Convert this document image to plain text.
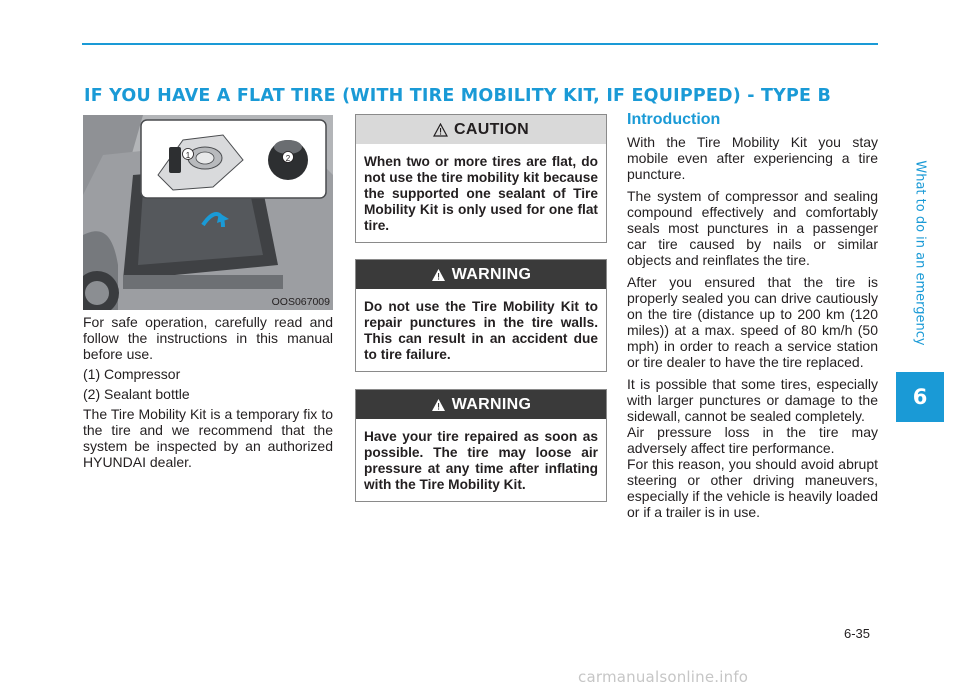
IF YOU HAVE A FLAT TIRE (WITH TIRE MOBILITY KIT, IF EQUIPPED) - TYPE B
What to do in an emergency
6
1	2
OOS067009

For safe operation, carefully read and follow the instructions in this manual before use.

(1) Compressor

(2) Sealant bottle

The Tire Mobility Kit is a temporary fix to the tire and we recommend that the system be inspected by an authorized HYUNDAI dealer.

CAUTION
When two or more tires are flat, do not use the tire mobility kit because the supported one sealant of Tire Mobility Kit is only used for one flat tire.
WARNING
Do not use the Tire Mobility Kit to repair punctures in the tire walls. This can result in an accident due to tire failure.
WARNING
Have your tire repaired as soon as possible. The tire may loose air pressure at any time after inflating with the Tire Mobility Kit.
Introduction

With the Tire Mobility Kit you stay mobile even after experiencing a tire puncture.

The system of compressor and sealing compound effectively and comfortably seals most punctures in a passenger car tire caused by nails or similar objects and reinflates the tire.

After you ensured that the tire is properly sealed you can drive cautiously on the tire (distance up to 200 km (120 miles)) at a max. speed of 80 km/h (50 mph) in order to reach a service station or tire dealer to have the tire replaced.

It is possible that some tires, especially with larger punctures or damage to the sidewall, cannot be sealed completely.

Air pressure loss in the tire may adversely affect tire performance.

For this reason, you should avoid abrupt steering or other driving maneuvers, especially if the vehicle is heavily loaded or if a trailer is in use.

6-35
carmanualsonline.info
